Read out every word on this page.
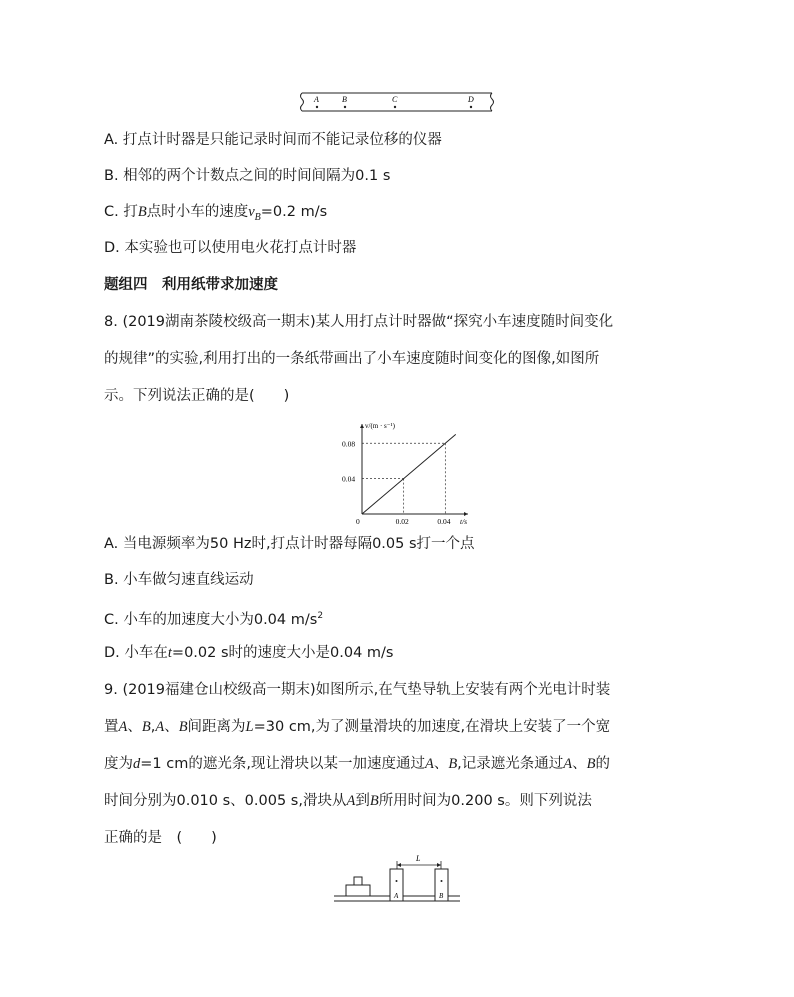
A	B	C	D
A. 打点计时器是只能记录时间而不能记录位移的仪器
B. 相邻的两个计数点之间的时间间隔为0.1 s
C. 打B点时小车的速度$v_B=0.2$ m/s
D. 本实验也可以使用电火花打点计时器
题组四　利用纸带求加速度
8. (2019湖南茶陵校级高一期末)某人用打点计时器做“探究小车速度随时间变化
的规律”的实验,利用打出的一条纸带画出了小车速度随时间变化的图像,如图所
示。下列说法正确的是(　　)
0.02	0.04
0.04
0.08
0	t/s
v/(m · s⁻¹)
A. 当电源频率为50 Hz时,打点计时器每隔0.05 s打一个点
B. 小车做匀速直线运动
C. 小车的加速度大小为0.04 $m/s^2$
D. 小车在t=0.02 s时的速度大小是0.04 m/s
9. (2019福建仓山校级高一期末)如图所示,在气垫导轨上安装有两个光电计时装
置A、B,A、B间距离为L=30 cm,为了测量滑块的加速度,在滑块上安装了一个宽
度为d=1 cm的遮光条,现让滑块以某一加速度通过A、B,记录遮光条通过A、B的
时间分别为0.010 s、0.005 s,滑块从A到B所用时间为0.200 s。则下列说法
正确的是　(　　)
A	B
L
